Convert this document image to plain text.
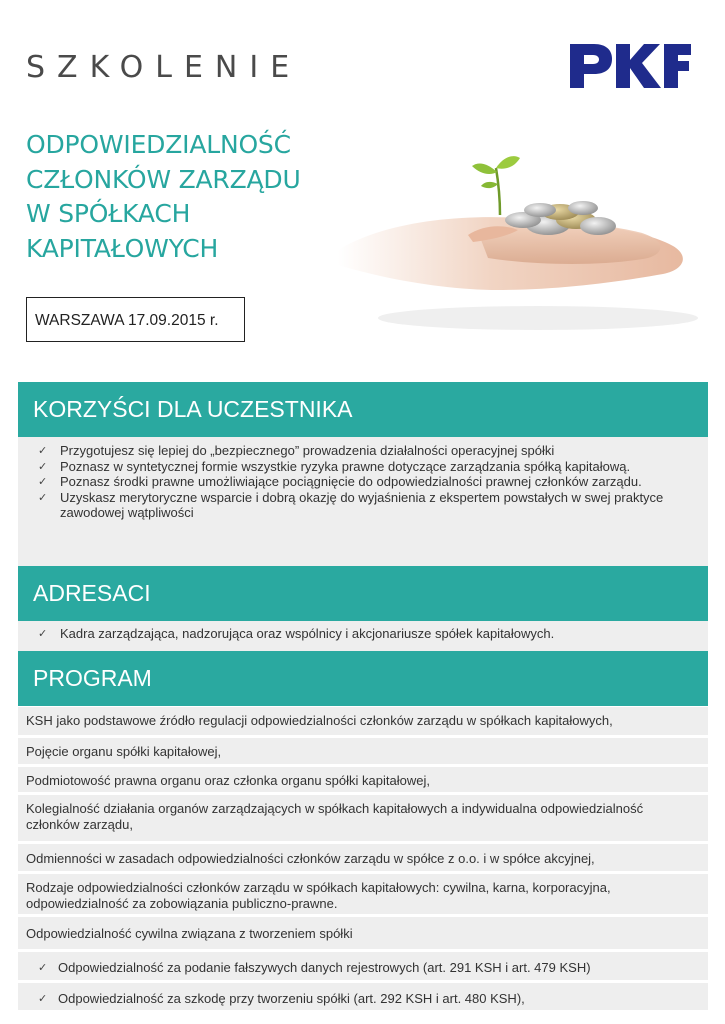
SZKOLENIE
ODPOWIEDZIALNOŚĆ
CZŁONKÓW ZARZĄDU
W SPÓŁKACH
KAPITAŁOWYCH
WARSZAWA 17.09.2015 r.
KORZYŚCI DLA UCZESTNIKA
✓ Przygotujesz się lepiej do „bezpiecznego” prowadzenia działalności operacyjnej spółki
✓ Poznasz w syntetycznej formie wszystkie ryzyka prawne dotyczące zarządzania spółką kapitałową.
✓ Poznasz środki prawne umożliwiające pociągnięcie do odpowiedzialności prawnej członków zarządu.
✓ Uzyskasz merytoryczne wsparcie i dobrą okazję do wyjaśnienia z ekspertem powstałych w swej praktyce zawodowej wątpliwości
ADRESACI
✓ Kadra zarządzająca, nadzorująca oraz wspólnicy i akcjonariusze spółek kapitałowych.
PROGRAM
KSH jako podstawowe źródło regulacji odpowiedzialności członków zarządu w spółkach kapitałowych,
Pojęcie organu spółki kapitałowej,
Podmiotowość prawna organu oraz członka organu spółki kapitałowej,
Kolegialność działania organów zarządzających w spółkach kapitałowych a indywidualna odpowiedzialność członków zarządu,
Odmienności w zasadach odpowiedzialności członków zarządu w spółce z o.o. i w spółce akcyjnej,
Rodzaje odpowiedzialności członków zarządu w spółkach kapitałowych: cywilna, karna, korporacyjna, odpowiedzialność za zobowiązania publiczno-prawne.
Odpowiedzialność cywilna związana z tworzeniem spółki
✓ Odpowiedzialność za podanie fałszywych danych rejestrowych (art. 291 KSH i art. 479 KSH)
✓ Odpowiedzialność za szkodę przy tworzeniu spółki (art. 292 KSH i art. 480 KSH),
